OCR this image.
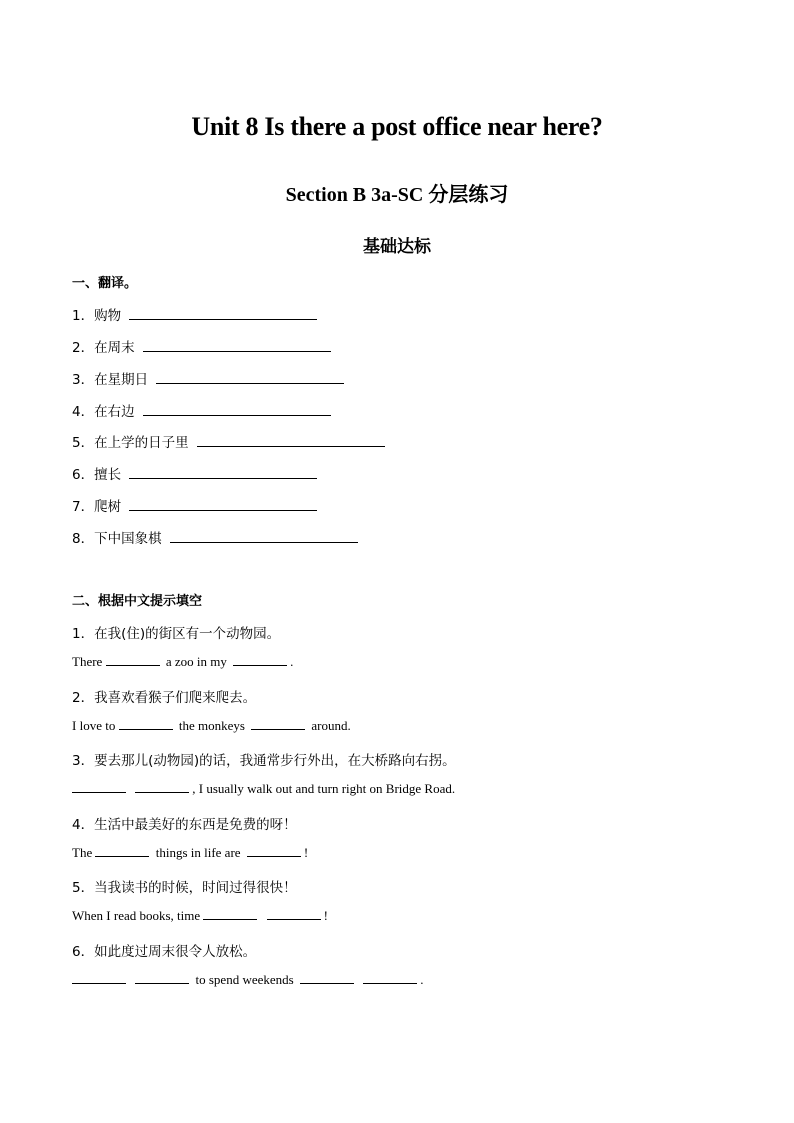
Unit 8 Is there a post office near here?
Section B 3a-SC 分层练习
基础达标
一、翻译。
1． 购物
2． 在周末
3． 在星期日
4． 在右边
5． 在上学的日子里
6． 擅长
7． 爬树
8． 下中国象棋
二、根据中文提示填空
1．在我(住)的街区有一个动物园。
There	a zoo in my	.
2．我喜欢看猴子们爬来爬去。
I love to	the monkeys	around.
3．要去那儿(动物园)的话，我通常步行外出，在大桥路向右拐。

, I usually walk out and turn right on Bridge Road.
4．生活中最美好的东西是免费的呀！
The	things in life are	!
5．当我读书的时候，时间过得很快！
When I read books, time
	!
6．如此度过周末很令人放松。

to spend weekends
	.
